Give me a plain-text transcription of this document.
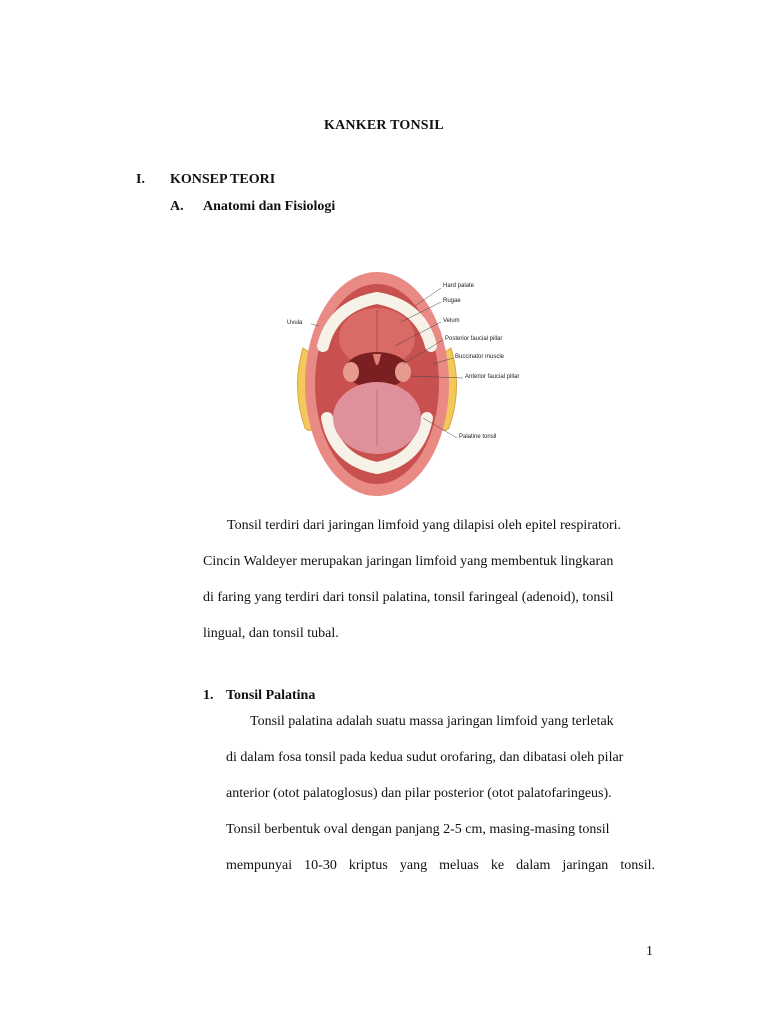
KANKER TONSIL
I. KONSEP TEORI
A. Anatomi dan Fisiologi
Hard palate
Rugae
Velum
Uvula
Posterior faucial pillar
Buccinator muscle
Anterior faucial pillar
Palatine tonsil
Tonsil terdiri dari jaringan limfoid yang dilapisi oleh epitel respiratori.
Cincin Waldeyer merupakan jaringan limfoid yang membentuk lingkaran
di faring yang terdiri dari tonsil palatina, tonsil faringeal (adenoid), tonsil
lingual, dan tonsil tubal.
1. Tonsil Palatina
Tonsil palatina adalah suatu massa jaringan limfoid yang terletak
di dalam fosa tonsil pada kedua sudut orofaring, dan dibatasi oleh pilar
anterior (otot palatoglosus) dan pilar posterior (otot palatofaringeus).
Tonsil berbentuk oval dengan panjang 2-5 cm, masing-masing tonsil
mempunyai 10-30 kriptus yang meluas ke dalam jaringan tonsil.
1
